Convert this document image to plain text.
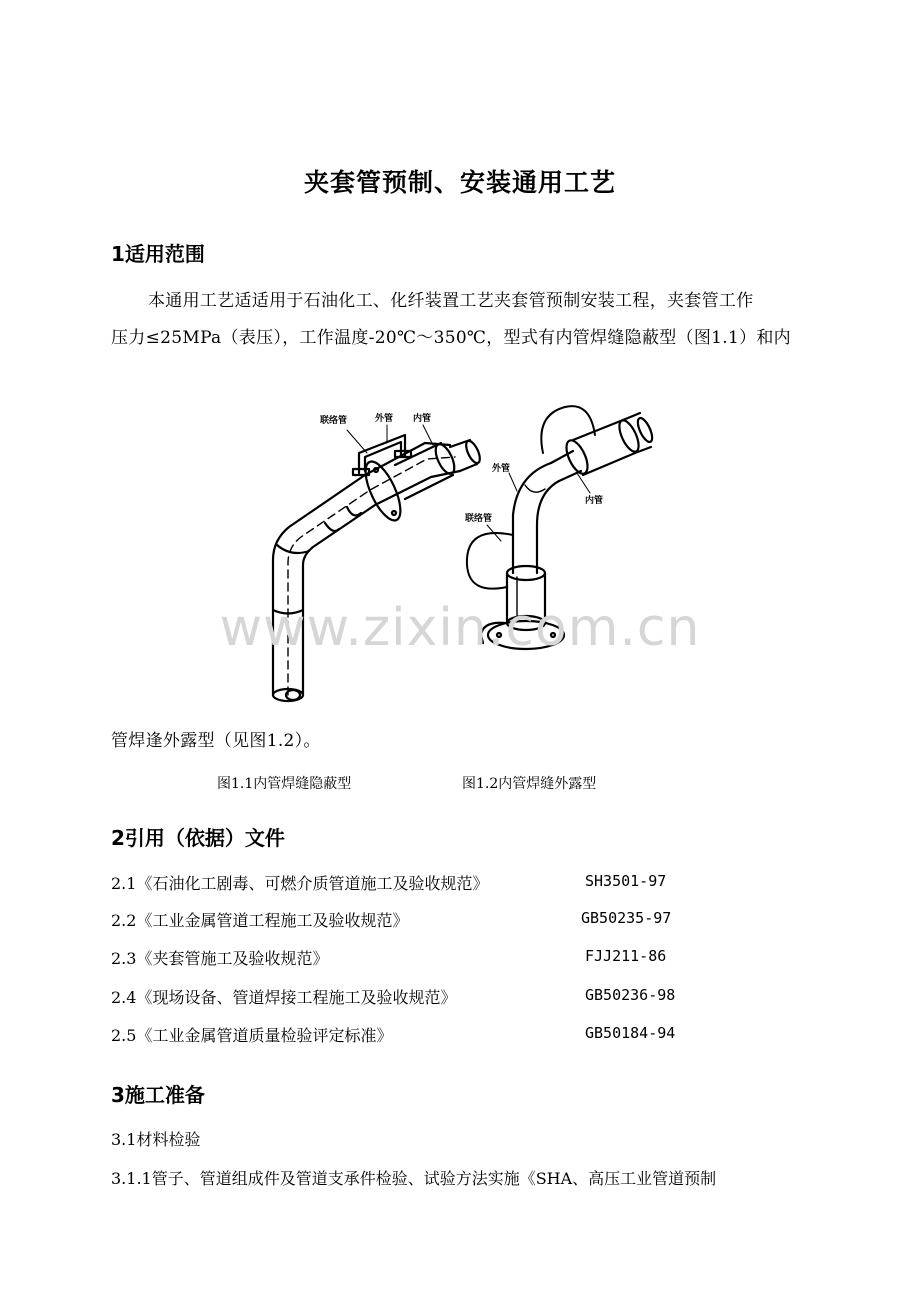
夹套管预制、安装通用工艺
1适用范围
本通用工艺适适用于石油化工、化纤装置工艺夹套管预制安装工程，夹套管工作
压力≤25MPa（表压），工作温度-20℃～350℃，型式有内管焊缝隐蔽型（图1.1）和内
联络管	外管 内管
外管
内管
联络管
www.zixin.com.cn
管焊逢外露型（见图1.2）。
图1.1内管焊缝隐蔽型	图1.2内管焊缝外露型
2引用（依据）文件
2.1《石油化工剧毒、可燃介质管道施工及验收规范》	SH3501-97
2.2《工业金属管道工程施工及验收规范》	GB50235-97
2.3《夹套管施工及验收规范》	FJJ211-86
2.4《现场设备、管道焊接工程施工及验收规范》	GB50236-98
2.5《工业金属管道质量检验评定标准》	GB50184-94
3施工准备
3.1材料检验
3.1.1管子、管道组成件及管道支承件检验、试验方法实施《SHA、高压工业管道预制
